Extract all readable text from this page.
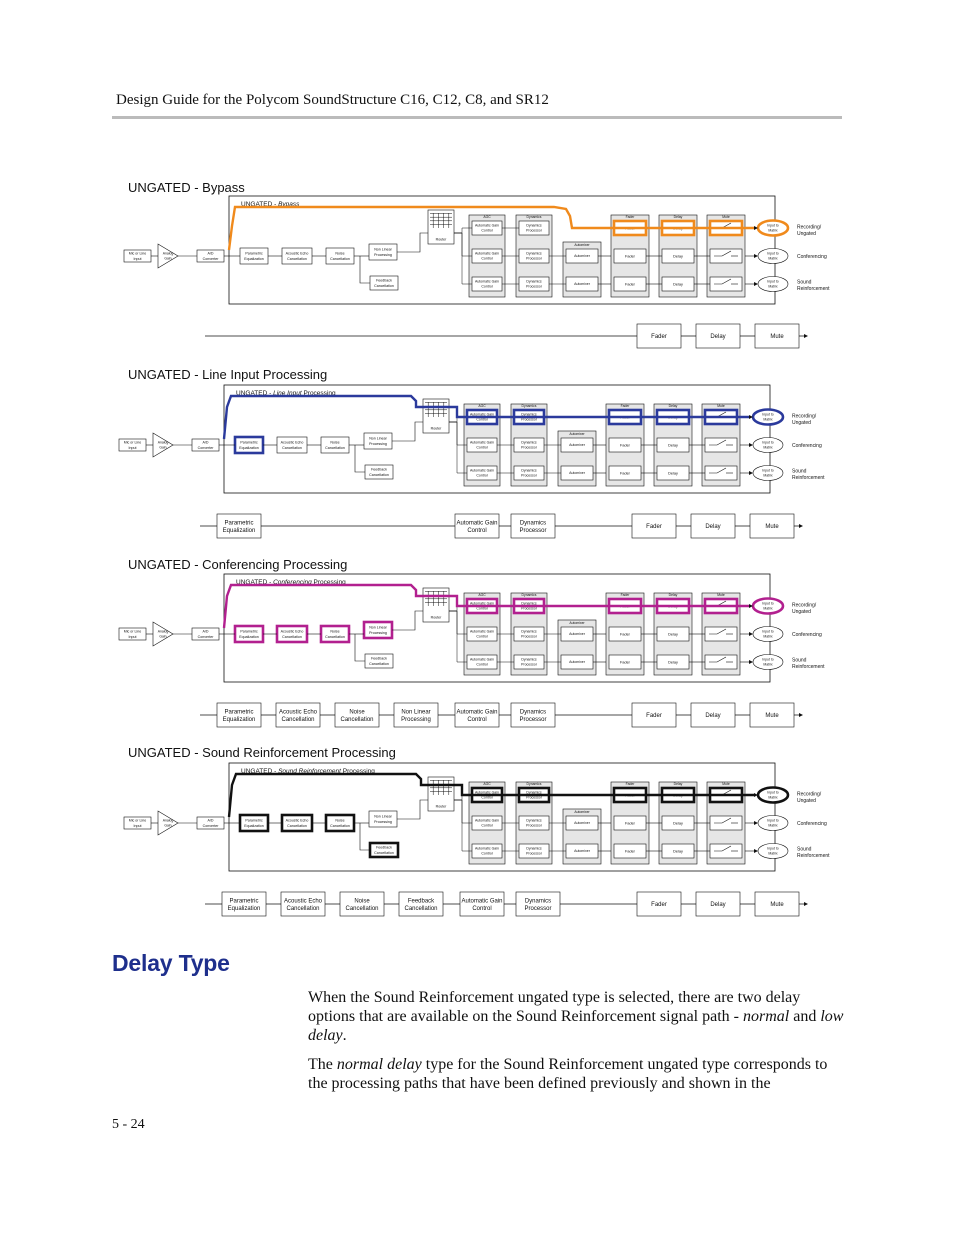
Design Guide for the Polycom SoundStructure C16, C12, C8, and SR12
UNGATED - Bypass
UNGATED - Bypass
Mic or Line
Input
Analog
Gain
A/D
Converter
Parametric
Equalization
Acoustic Echo
Cancellation
Noise
Cancellation
Non Linear
Processing
Feedback
Cancellation
Router
AGC	Dynamics
Automatic Gain
Control
Dynamics
Processor
Automatic Gain
Control
Dynamics
Processor
Automatic Gain
Control
Dynamics
Processor
Automixer
Automixer
Automixer
Fader
Fader
Fader
Fader
Delay
Delay
Delay
Delay
Mute
Input to
Matrix
Input to
Matrix
Input to
Matrix
Recording/
Ungated
Conferencing
Sound
Reinforcement
Fader	Delay	Mute
UNGATED - Line Input Processing
UNGATED - Line Input Processing
Mic or Line
Input
Analog
Gain
A/D
Converter
Parametric
Equalization
Acoustic Echo
Cancellation
Noise
Cancellation
Non Linear
Processing
Feedback
Cancellation
Router
AGC	Dynamics
Automatic Gain
Control
Dynamics
Processor
Automatic Gain
Control
Dynamics
Processor
Automatic Gain
Control
Dynamics
Processor
Automixer
Automixer
Automixer
Fader
Fader
Fader
Fader
Delay
Delay
Delay
Delay
Mute
Input to
Matrix
Input to
Matrix
Input to
Matrix
Recording/
Ungated
Conferencing
Sound
Reinforcement
Parametric
Equalization
Automatic Gain
Control
Dynamics
Processor
Fader	Delay	Mute
UNGATED - Conferencing Processing
UNGATED - Conferencing Processing
Mic or Line
Input
Analog
Gain
A/D
Converter
Parametric
Equalization
Acoustic Echo
Cancellation
Noise
Cancellation
Non Linear
Processing
Feedback
Cancellation
Router
AGC	Dynamics
Automatic Gain
Control
Dynamics
Processor
Automatic Gain
Control
Dynamics
Processor
Automatic Gain
Control
Dynamics
Processor
Automixer
Automixer
Automixer
Fader
Fader
Fader
Fader
Delay
Delay
Delay
Delay
Mute
Input to
Matrix
Input to
Matrix
Input to
Matrix
Recording/
Ungated
Conferencing
Sound
Reinforcement
Parametric
Equalization
Acoustic Echo
Cancellation
Noise
Cancellation
Non Linear
Processing
Automatic Gain
Control
Dynamics
Processor
Fader	Delay	Mute
UNGATED - Sound Reinforcement Processing
UNGATED - Sound Reinforcement Processing
Mic or Line
Input
Analog
Gain
A/D
Converter
Parametric
Equalization
Acoustic Echo
Cancellation
Noise
Cancellation
Non Linear
Processing
Feedback
Cancellation
Router
AGC	Dynamics
Automatic Gain
Control
Dynamics
Processor
Automatic Gain
Control
Dynamics
Processor
Automatic Gain
Control
Dynamics
Processor
Automixer
Automixer
Automixer
Fader
Fader
Fader
Fader
Delay
Delay
Delay
Delay
Mute
Input to
Matrix
Input to
Matrix
Input to
Matrix
Recording/
Ungated
Conferencing
Sound
Reinforcement
Parametric
Equalization
Acoustic Echo
Cancellation
Noise
Cancellation
Feedback
Cancellation
Automatic Gain
Control
Dynamics
Processor
Fader	Delay	Mute
Delay Type

When the Sound Reinforcement ungated type is selected, there are two delay options that are available on the Sound Reinforcement signal path - normal and low delay.

The normal delay type for the Sound Reinforcement ungated type corresponds to the processing paths that have been defined previously and shown in the

5 - 24
